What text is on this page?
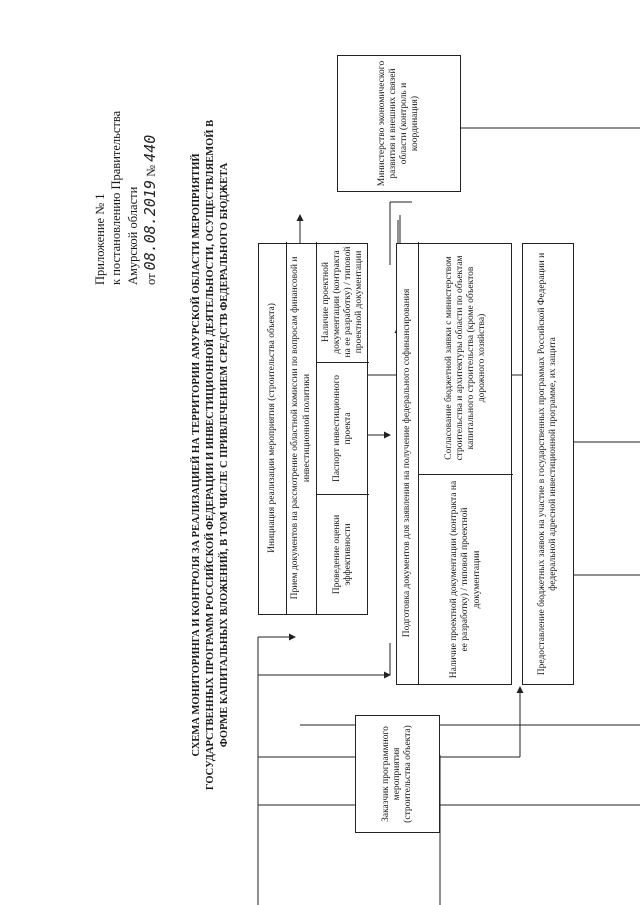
Приложение № 1 к постановлению Правительства Амурской области от 08.08.2019 № 440
СХЕМА МОНИТОРИНГА И КОНТРОЛЯ ЗА РЕАЛИЗАЦИЕЙ НА ТЕРРИТОРИИ АМУРСКОЙ ОБЛАСТИ МЕРОПРИЯТИЙ ГОСУДАРСТВЕННЫХ ПРОГРАММ РОССИЙСКОЙ ФЕДЕРАЦИИ И ИНВЕСТИЦИОННОЙ ДЕЯТЕЛЬНОСТИ, ОСУЩЕСТВЛЯЕМОЙ В ФОРМЕ КАПИТАЛЬНЫХ ВЛОЖЕНИЙ, В ТОМ ЧИСЛЕ С ПРИВЛЕЧЕНИЕМ СРЕДСТВ ФЕДЕРАЛЬНОГО БЮДЖЕТА
Министерство экономического развития и внешних связей области (контроль и координация)
Инициация реализации мероприятия (строительства объекта) Прием документов на рассмотрение областной комиссии по вопросам финансовой и инвестиционной политики
Проведение оценки эффективности
Паспорт инвестиционного проекта
Наличие проектной документации (контракта на ее разработку) / типовой проектной документации	Подготовка документов для заявления на получение федерального софинансирования	Наличие проектной документации (контракта на ее разработку) / типовой проектной документации
Согласование бюджетной заявки с министерством строительства и архитектуры области по объектам капитального строительства (кроме объектов дорожного хозяйства)	Предоставление бюджетных заявок на участие в государственных программах Российской Федерации и федеральной адресной инвестиционной программе, их защита
Заказчик программного мероприятия (строительства объекта)
